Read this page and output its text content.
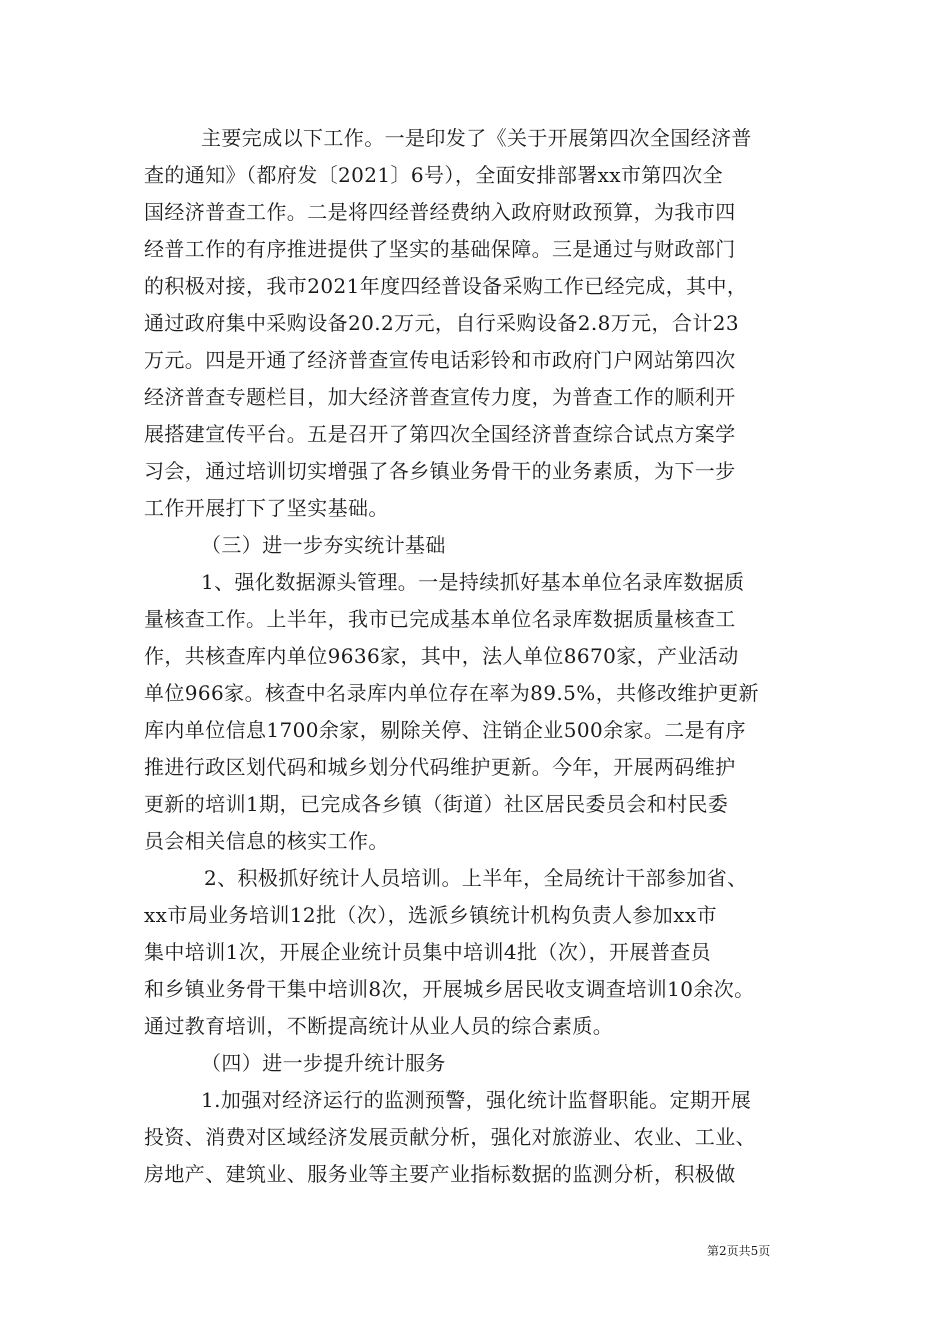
主要完成以下工作。一是印发了《关于开展第四次全国经济普
查的通知》（都府发〔2021〕6号），全面安排部署xx市第四次全
国经济普查工作。二是将四经普经费纳入政府财政预算，为我市四
经普工作的有序推进提供了坚实的基础保障。三是通过与财政部门
的积极对接，我市2021年度四经普设备采购工作已经完成，其中，
通过政府集中采购设备20.2万元，自行采购设备2.8万元，合计23
万元。四是开通了经济普查宣传电话彩铃和市政府门户网站第四次
经济普查专题栏目，加大经济普查宣传力度，为普查工作的顺利开
展搭建宣传平台。五是召开了第四次全国经济普查综合试点方案学
习会，通过培训切实增强了各乡镇业务骨干的业务素质，为下一步
工作开展打下了坚实基础。
（三）进一步夯实统计基础
1、强化数据源头管理。一是持续抓好基本单位名录库数据质
量核查工作。上半年，我市已完成基本单位名录库数据质量核查工
作，共核查库内单位9636家，其中，法人单位8670家，产业活动
单位966家。核查中名录库内单位存在率为89.5%，共修改维护更新
库内单位信息1700余家，剔除关停、注销企业500余家。二是有序
推进行政区划代码和城乡划分代码维护更新。今年，开展两码维护
更新的培训1期，已完成各乡镇（街道）社区居民委员会和村民委
员会相关信息的核实工作。
2、积极抓好统计人员培训。上半年，全局统计干部参加省、
xx市局业务培训12批（次），选派乡镇统计机构负责人参加xx市
集中培训1次，开展企业统计员集中培训4批（次），开展普查员
和乡镇业务骨干集中培训8次，开展城乡居民收支调查培训10余次。
通过教育培训，不断提高统计从业人员的综合素质。
（四）进一步提升统计服务
1.加强对经济运行的监测预警，强化统计监督职能。定期开展
投资、消费对区域经济发展贡献分析，强化对旅游业、农业、工业、
房地产、建筑业、服务业等主要产业指标数据的监测分析，积极做
第2页共5页
